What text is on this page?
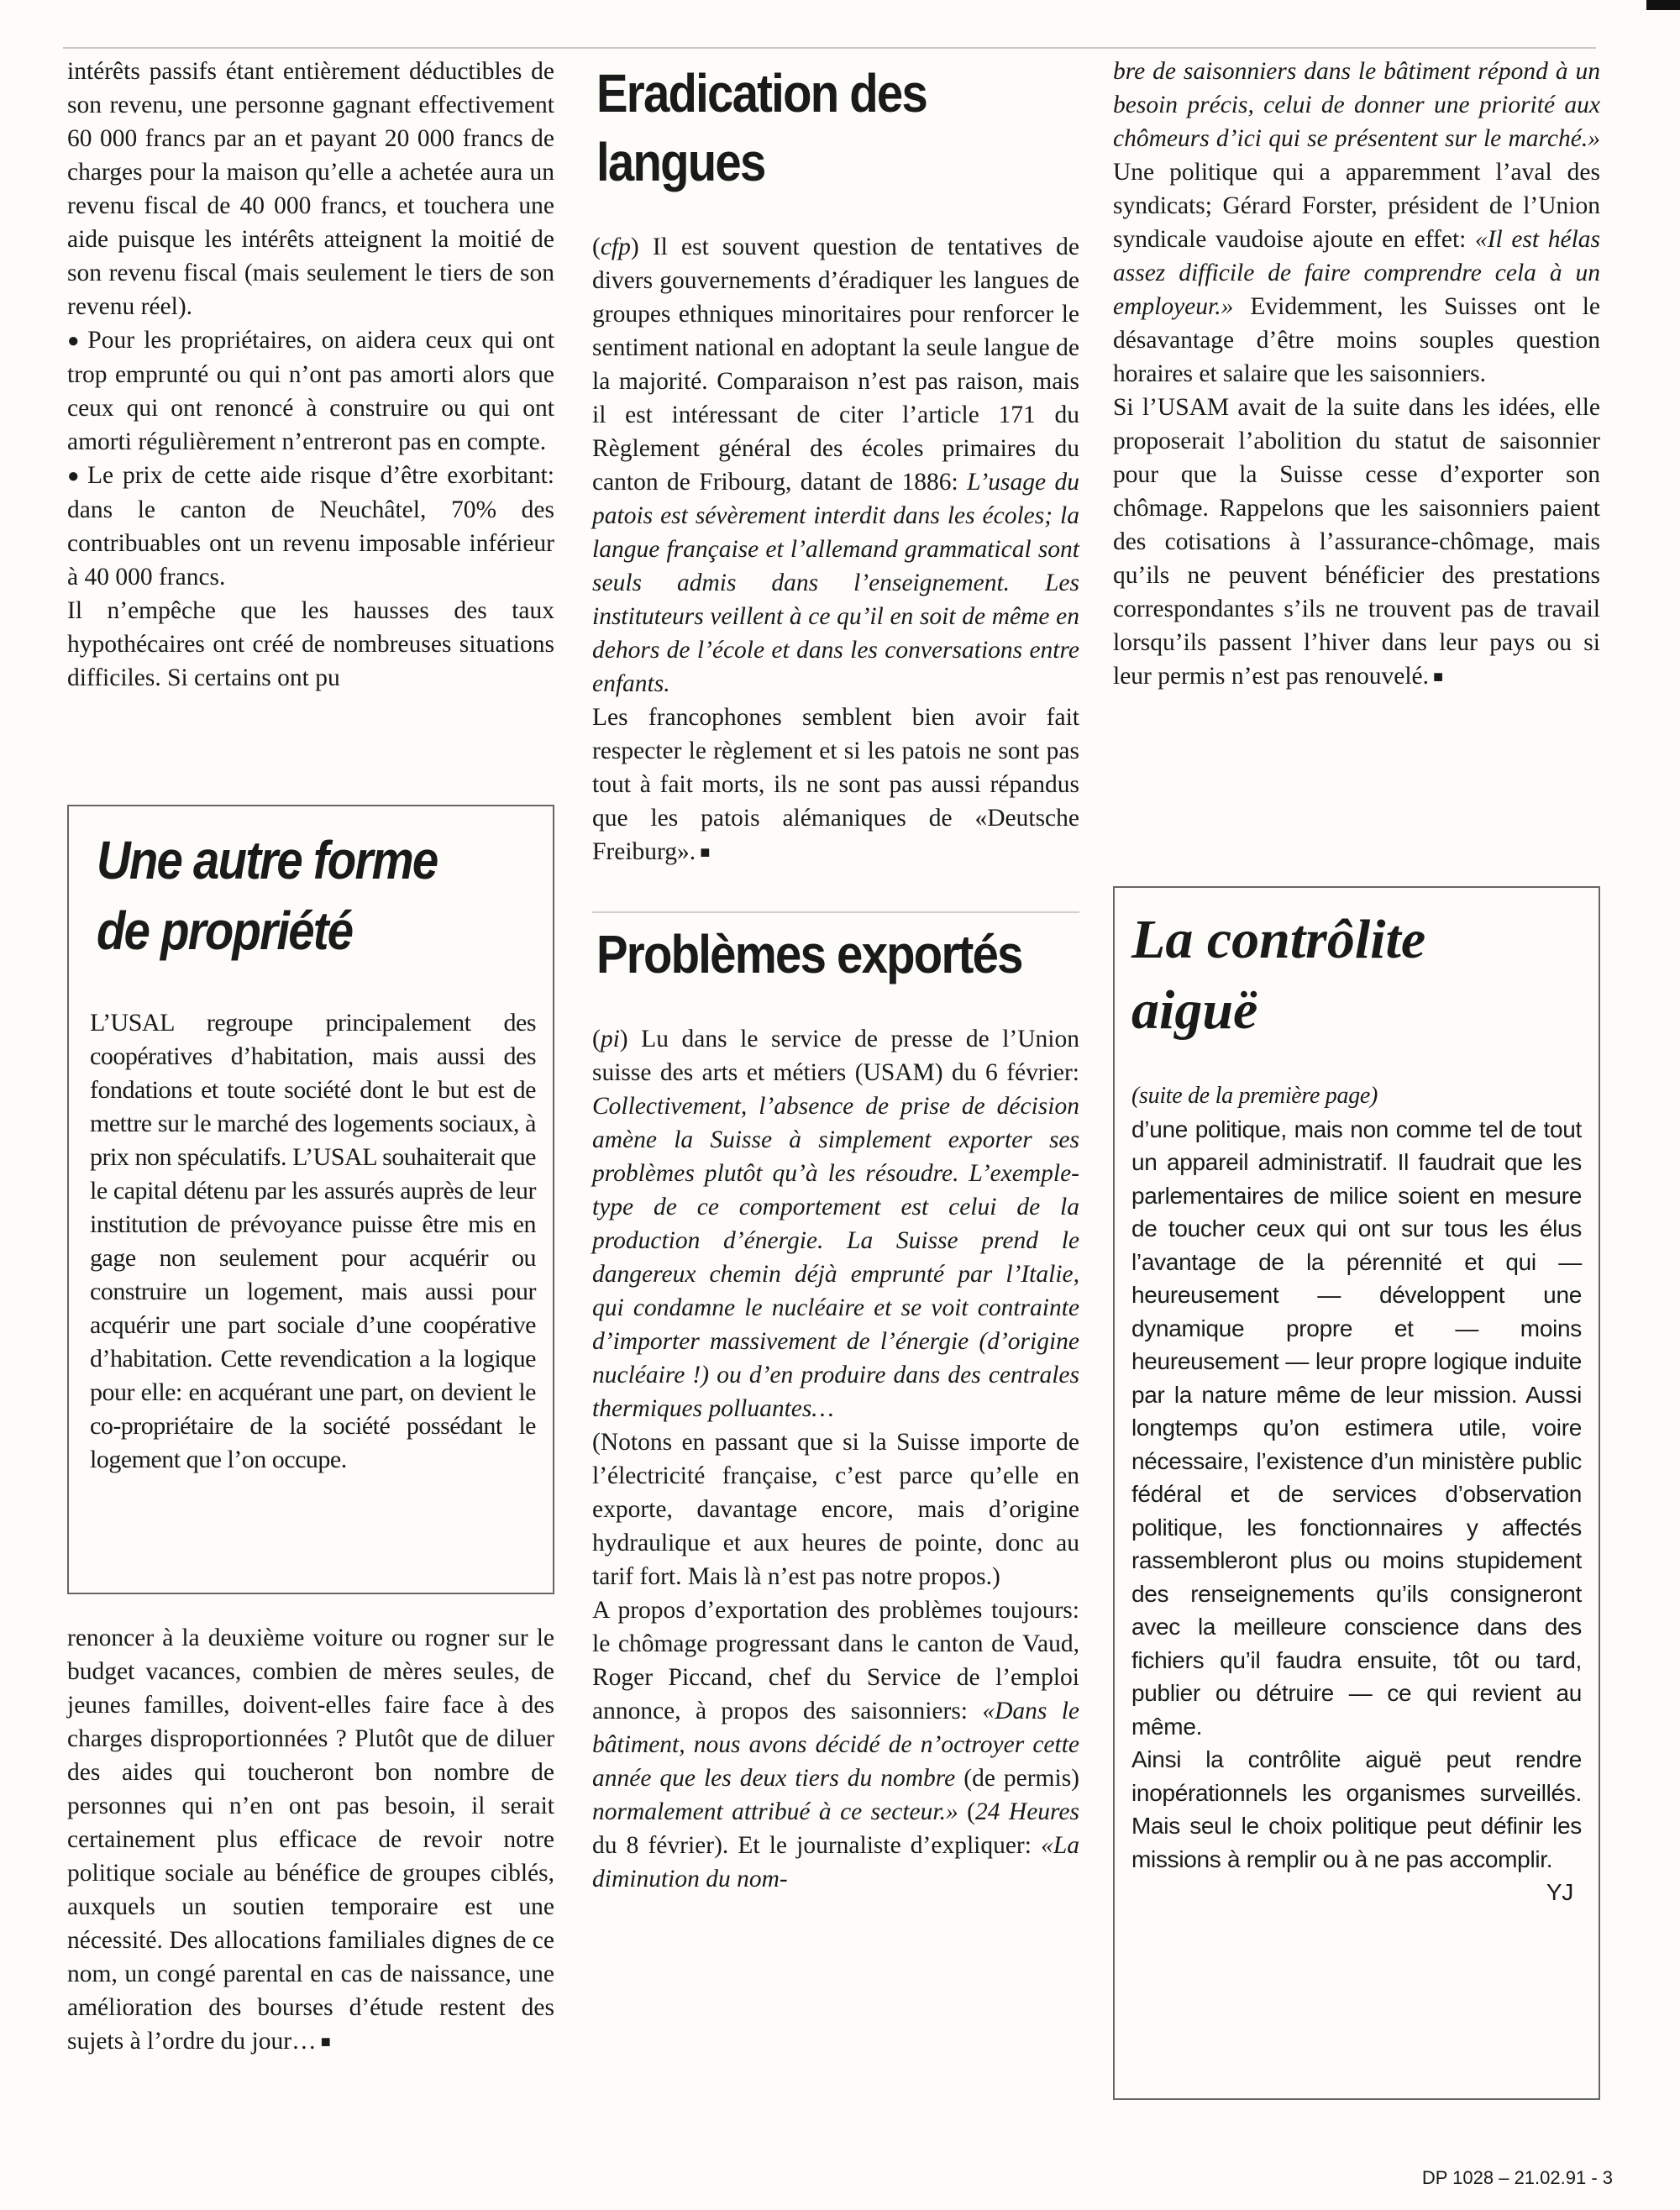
intérêts passifs étant entièrement déductibles de son revenu, une personne gagnant effectivement 60 000 francs par an et payant 20 000 francs de charges pour la maison qu’elle a achetée aura un revenu fiscal de 40 000 francs, et touchera une aide puisque les intérêts atteignent la moitié de son revenu fiscal (mais seulement le tiers de son revenu réel).

● Pour les propriétaires, on aidera ceux qui ont trop emprunté ou qui n’ont pas amorti alors que ceux qui ont renoncé à construire ou qui ont amorti régulièrement n’entreront pas en compte.

● Le prix de cette aide risque d’être exorbitant: dans le canton de Neuchâtel, 70% des contribuables ont un revenu imposable inférieur à 40 000 francs.

Il n’empêche que les hausses des taux hypothécaires ont créé de nombreuses situations difficiles. Si certains ont pu

Une autre forme
de propriété

L’USAL regroupe principalement des coopératives d’habitation, mais aussi des fondations et toute société dont le but est de mettre sur le marché des logements sociaux, à prix non spéculatifs. L’USAL souhaiterait que le capital détenu par les assurés auprès de leur institution de prévoyance puisse être mis en gage non seulement pour acquérir ou construire un logement, mais aussi pour acquérir une part sociale d’une coopérative d’habitation. Cette revendication a la logique pour elle: en acquérant une part, on devient le co-propriétaire de la société possédant le logement que l’on occupe.

renoncer à la deuxième voiture ou rogner sur le budget vacances, combien de mères seules, de jeunes familles, doivent-elles faire face à des charges disproportionnées ? Plutôt que de diluer des aides qui toucheront bon nombre de personnes qui n’en ont pas besoin, il serait certainement plus efficace de revoir notre politique sociale au bénéfice de groupes ciblés, auxquels un soutien temporaire est une nécessité. Des allocations familiales dignes de ce nom, un congé parental en cas de naissance, une amélioration des bourses d’étude restent des sujets à l’ordre du jour… ■

Eradication des
langues

(cfp) Il est souvent question de tentatives de divers gouvernements d’éradiquer les langues de groupes ethniques minoritaires pour renforcer le sentiment national en adoptant la seule langue de la majorité. Comparaison n’est pas raison, mais il est intéressant de citer l’article 171 du Règlement général des écoles primaires du canton de Fribourg, datant de 1886: L’usage du patois est sévèrement interdit dans les écoles; la langue française et l’allemand grammatical sont seuls admis dans l’enseignement. Les instituteurs veillent à ce qu’il en soit de même en dehors de l’école et dans les conversations entre enfants.

Les francophones semblent bien avoir fait respecter le règlement et si les patois ne sont pas tout à fait morts, ils ne sont pas aussi répandus que les patois alémaniques de «Deutsche Freiburg». ■

Problèmes exportés

(pi) Lu dans le service de presse de l’Union suisse des arts et métiers (USAM) du 6 février: Collectivement, l’absence de prise de décision amène la Suisse à simplement exporter ses problèmes plutôt qu’à les résoudre. L’exemple-type de ce comportement est celui de la production d’énergie. La Suisse prend le dangereux chemin déjà emprunté par l’Italie, qui condamne le nucléaire et se voit contrainte d’importer massivement de l’énergie (d’origine nucléaire !) ou d’en produire dans des centrales thermiques polluantes…

(Notons en passant que si la Suisse importe de l’électricité française, c’est parce qu’elle en exporte, davantage encore, mais d’origine hydraulique et aux heures de pointe, donc au tarif fort. Mais là n’est pas notre propos.)

A propos d’exportation des problèmes toujours: le chômage progressant dans le canton de Vaud, Roger Piccand, chef du Service de l’emploi annonce, à propos des saisonniers: «Dans le bâtiment, nous avons décidé de n’octroyer cette année que les deux tiers du nombre (de permis) normalement attribué à ce secteur.» (24 Heures du 8 février). Et le journaliste d’expliquer: «La diminution du nom-

bre de saisonniers dans le bâtiment répond à un besoin précis, celui de donner une priorité aux chômeurs d’ici qui se présentent sur le marché.» Une politique qui a apparemment l’aval des syndicats; Gérard Forster, président de l’Union syndicale vaudoise ajoute en effet: «Il est hélas assez difficile de faire comprendre cela à un employeur.» Evidemment, les Suisses ont le désavantage d’être moins souples question horaires et salaire que les saisonniers.

Si l’USAM avait de la suite dans les idées, elle proposerait l’abolition du statut de saisonnier pour que la Suisse cesse d’exporter son chômage. Rappelons que les saisonniers paient des cotisations à l’assurance-chômage, mais qu’ils ne peuvent bénéficier des prestations correspondantes s’ils ne trouvent pas de travail lorsqu’ils passent l’hiver dans leur pays ou si leur permis n’est pas renouvelé. ■

La contrôlite
aiguë

(suite de la première page)

d’une politique, mais non comme tel de tout un appareil administratif. Il faudrait que les parlementaires de milice soient en mesure de toucher ceux qui ont sur tous les élus l’avantage de la pérennité et qui — heureusement — développent une dynamique propre et — moins heureusement — leur propre logique induite par la nature même de leur mission. Aussi longtemps qu’on estimera utile, voire nécessaire, l’existence d’un ministère public fédéral et de services d’observation politique, les fonctionnaires y affectés rassembleront plus ou moins stupidement des renseignements qu’ils consigneront avec la meilleure conscience dans des fichiers qu’il faudra ensuite, tôt ou tard, publier ou détruire — ce qui revient au même.

Ainsi la contrôlite aiguë peut rendre inopérationnels les organismes surveillés. Mais seul le choix politique peut définir les missions à remplir ou à ne pas accomplir.

YJ

DP 1028 – 21.02.91 - 3
